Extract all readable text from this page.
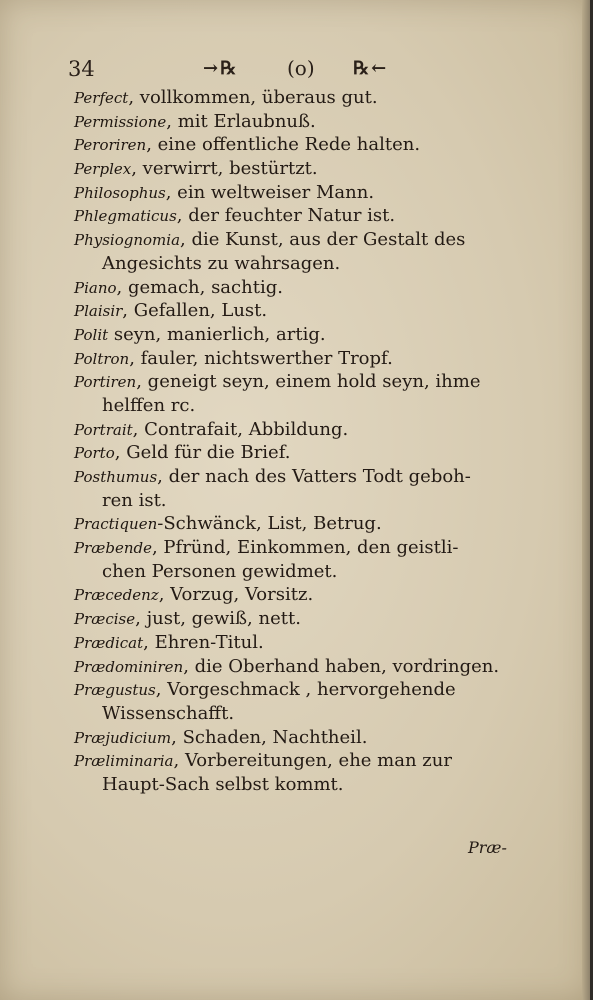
34	→℞ (o) ℞←
Perfect, vollkommen, überaus gut.
Permissione, mit Erlaubnuß.
Peroriren, eine offentliche Rede halten.
Perplex, verwirrt, bestürtzt.
Philosophus, ein weltweiser Mann.
Phlegmaticus, der feuchter Natur ist.
Physiognomia, die Kunst, aus der Gestalt des
Angesichts zu wahrsagen.
Piano, gemach, sachtig.
Plaisir, Gefallen, Lust.
Polit seyn, manierlich, artig.
Poltron, fauler, nichtswerther Tropf.
Portiren, geneigt seyn, einem hold seyn, ihme
helffen rc.
Portrait, Contrafait, Abbildung.
Porto, Geld für die Brief.
Posthumus, der nach des Vatters Todt geboh-
ren ist.
Practiquen-Schwänck, List, Betrug.
Præbende, Pfründ, Einkommen, den geistli-
chen Personen gewidmet.
Præcedenz, Vorzug, Vorsitz.
Præcise, just, gewiß, nett.
Prædicat, Ehren-Titul.
Prædominiren, die Oberhand haben, vordringen.
Prægustus, Vorgeschmack , hervorgehende
Wissenschafft.
Præjudicium, Schaden, Nachtheil.
Præliminaria, Vorbereitungen, ehe man zur
Haupt-Sach selbst kommt.
Præ-
